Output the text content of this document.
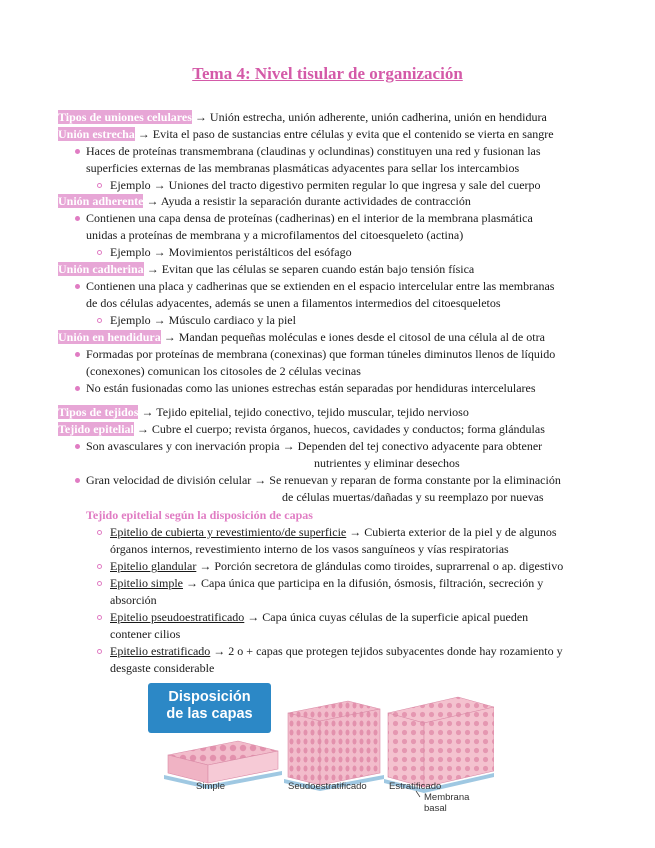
Tema 4: Nivel tisular de organización
Tipos de uniones celulares → Unión estrecha, unión adherente, unión cadherina, unión en hendidura
Unión estrecha → Evita el paso de sustancias entre células y evita que el contenido se vierta en sangre
Haces de proteínas transmembrana (claudinas y oclundinas) constituyen una red y fusionan las
superficies externas de las membranas plasmáticas adyacentes para sellar los intercambios
Ejemplo → Uniones del tracto digestivo permiten regular lo que ingresa y sale del cuerpo
Unión adherente → Ayuda a resistir la separación durante actividades de contracción
Contienen una capa densa de proteínas (cadherinas) en el interior de la membrana plasmática
unidas a proteínas de membrana y a microfilamentos del citoesqueleto (actina)
Ejemplo → Movimientos peristálticos del esófago
Unión cadherina → Evitan que las células se separen cuando están bajo tensión física
Contienen una placa y cadherinas que se extienden en el espacio intercelular entre las membranas
de dos células adyacentes, además se unen a filamentos intermedios del citoesqueletos
Ejemplo → Músculo cardiaco y la piel
Unión en hendidura → Mandan pequeñas moléculas e iones desde el citosol de una célula al de otra
Formadas por proteínas de membrana (conexinas) que forman túneles diminutos llenos de líquido
(conexones) comunican los citosoles de 2 células vecinas
No están fusionadas como las uniones estrechas están separadas por hendiduras intercelulares
Tipos de tejidos → Tejido epitelial, tejido conectivo, tejido muscular, tejido nervioso
Tejido epitelial → Cubre el cuerpo; revista órganos, huecos, cavidades y conductos; forma glándulas
Son avasculares y con inervación propia → Dependen del tej conectivo adyacente para obtener
nutrientes y eliminar desechos
Gran velocidad de división celular → Se renuevan y reparan de forma constante por la eliminación
de células muertas/dañadas y su reemplazo por nuevas
Tejido epitelial según la disposición de capas
Epitelio de cubierta y revestimiento/de superficie → Cubierta exterior de la piel y de algunos
órganos internos, revestimiento interno de los vasos sanguíneos y vías respiratorias
Epitelio glandular → Porción secretora de glándulas como tiroides, suprarrenal o ap. digestivo
Epitelio simple → Capa única que participa en la difusión, ósmosis, filtración, secreción y
absorción
Epitelio pseudoestratificado → Capa única cuyas células de la superficie apical pueden
contener cilios
Epitelio estratificado → 2 o + capas que protegen tejidos subyacentes donde hay rozamiento y
desgaste considerable
Disposición
de las capas
Simple	Seudoestratificado Estratificado
Membrana
basal
